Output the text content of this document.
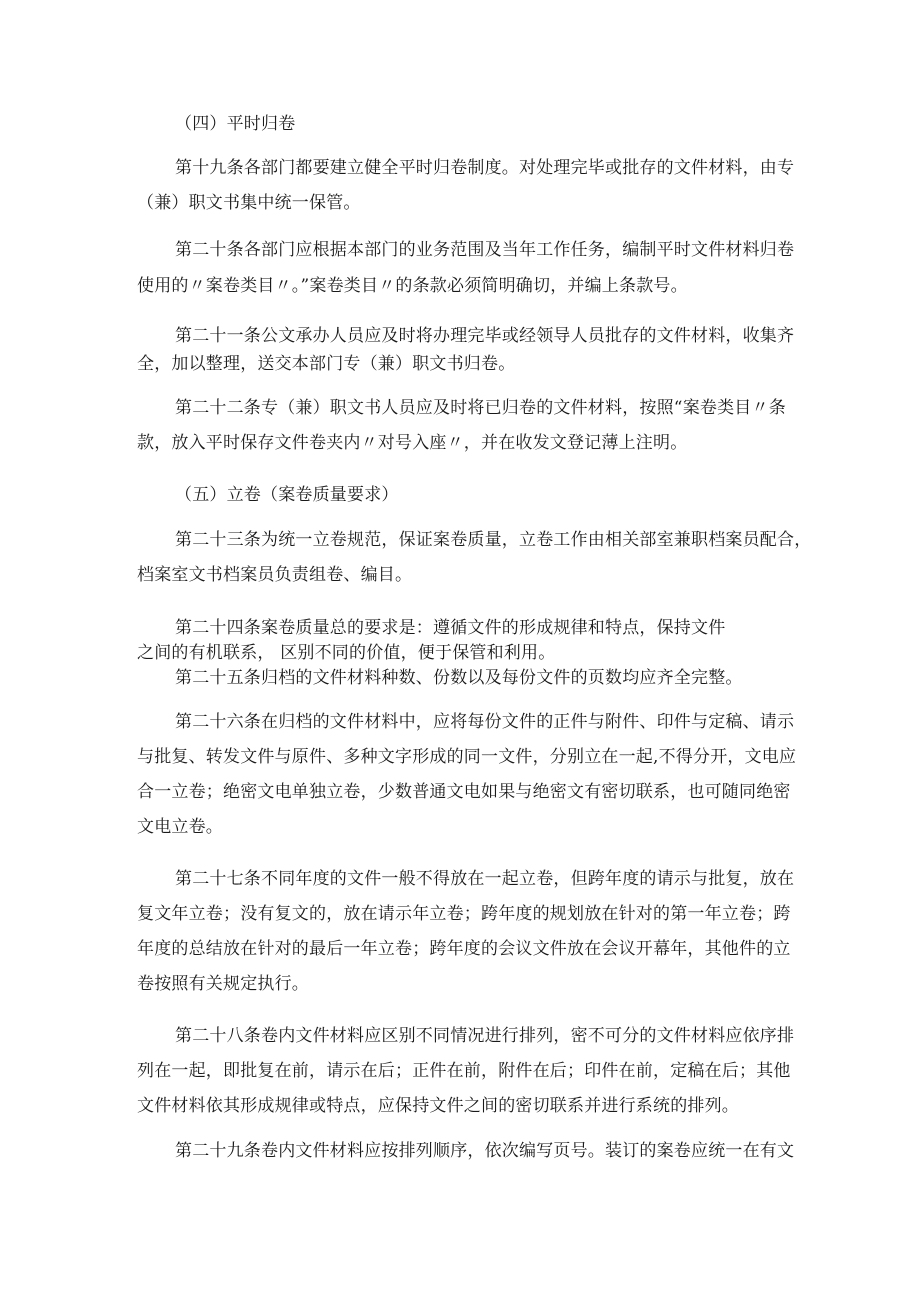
（四）平时归卷
第十九条各部门都要建立健全平时归卷制度。对处理完毕或批存的文件材料，由专
（兼）职文书集中统一保管。
第二十条各部门应根据本部门的业务范围及当年工作任务，编制平时文件材料归卷
使用的〃案卷类目〃。”案卷类目〃的条款必须简明确切，并编上条款号。
第二十一条公文承办人员应及时将办理完毕或经领导人员批存的文件材料，收集齐
全，加以整理，送交本部门专（兼）职文书归卷。
第二十二条专（兼）职文书人员应及时将已归卷的文件材料，按照“案卷类目〃条
款，放入平时保存文件卷夹内〃对号入座〃，并在收发文登记薄上注明。
（五）立卷（案卷质量要求）
第二十三条为统一立卷规范，保证案卷质量，立卷工作由相关部室兼职档案员配合，
档案室文书档案员负责组卷、编目。
第二十四条案卷质量总的要求是：遵循文件的形成规律和特点，保持文件
之间的有机联系， 区别不同的价值，便于保管和利用。
第二十五条归档的文件材料种数、份数以及每份文件的页数均应齐全完整。
第二十六条在归档的文件材料中，应将每份文件的正件与附件、印件与定稿、请示
与批复、转发文件与原件、多种文字形成的同一文件，分别立在一起,不得分开，文电应
合一立卷；绝密文电单独立卷，少数普通文电如果与绝密文有密切联系，也可随同绝密
文电立卷。
第二十七条不同年度的文件一般不得放在一起立卷，但跨年度的请示与批复，放在
复文年立卷；没有复文的，放在请示年立卷；跨年度的规划放在针对的第一年立卷；跨
年度的总结放在针对的最后一年立卷；跨年度的会议文件放在会议开幕年，其他件的立
卷按照有关规定执行。
第二十八条卷内文件材料应区别不同情况进行排列，密不可分的文件材料应依序排
列在一起，即批复在前，请示在后；正件在前，附件在后；印件在前，定稿在后；其他
文件材料依其形成规律或特点，应保持文件之间的密切联系并进行系统的排列。
第二十九条卷内文件材料应按排列顺序，依次编写页号。装订的案卷应统一在有文
